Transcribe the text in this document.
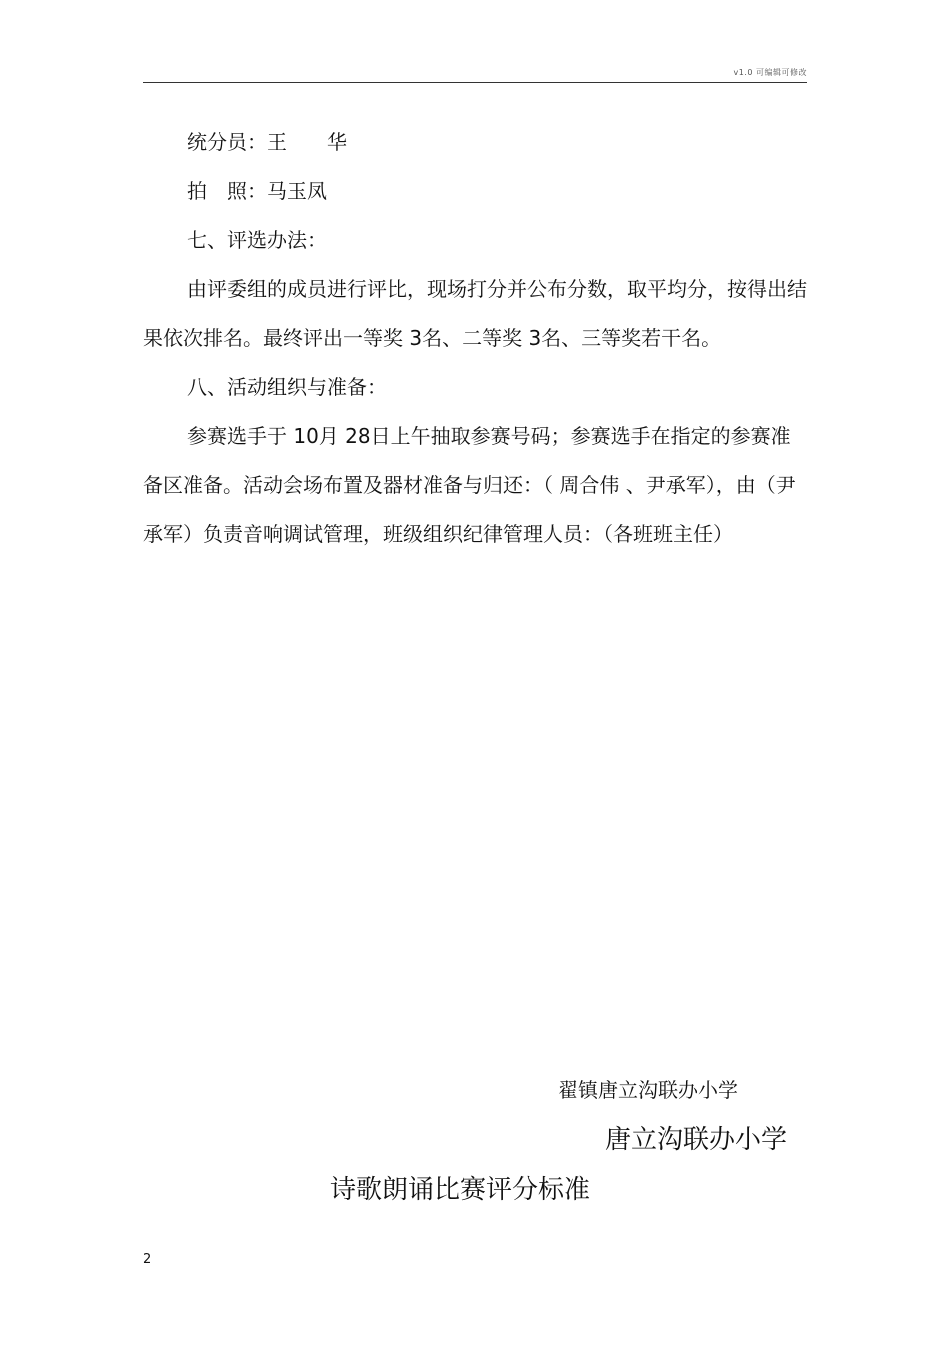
v1.0 可编辑可修改

统分员：王　　华

拍　照：马玉凤

七、评选办法：

由评委组的成员进行评比，现场打分并公布分数，取平均分，按得出结果依次排名。最终评出一等奖 3名、二等奖 3名、三等奖若干名。

八、活动组织与准备：

参赛选手于 10月 28日上午抽取参赛号码；参赛选手在指定的参赛准备区准备。活动会场布置及器材准备与归还：（ 周合伟 、尹承军），由（尹承军）负责音响调试管理，班级组织纪律管理人员：（各班班主任）

翟镇唐立沟联办小学
唐立沟联办小学
诗歌朗诵比赛评分标准
2
